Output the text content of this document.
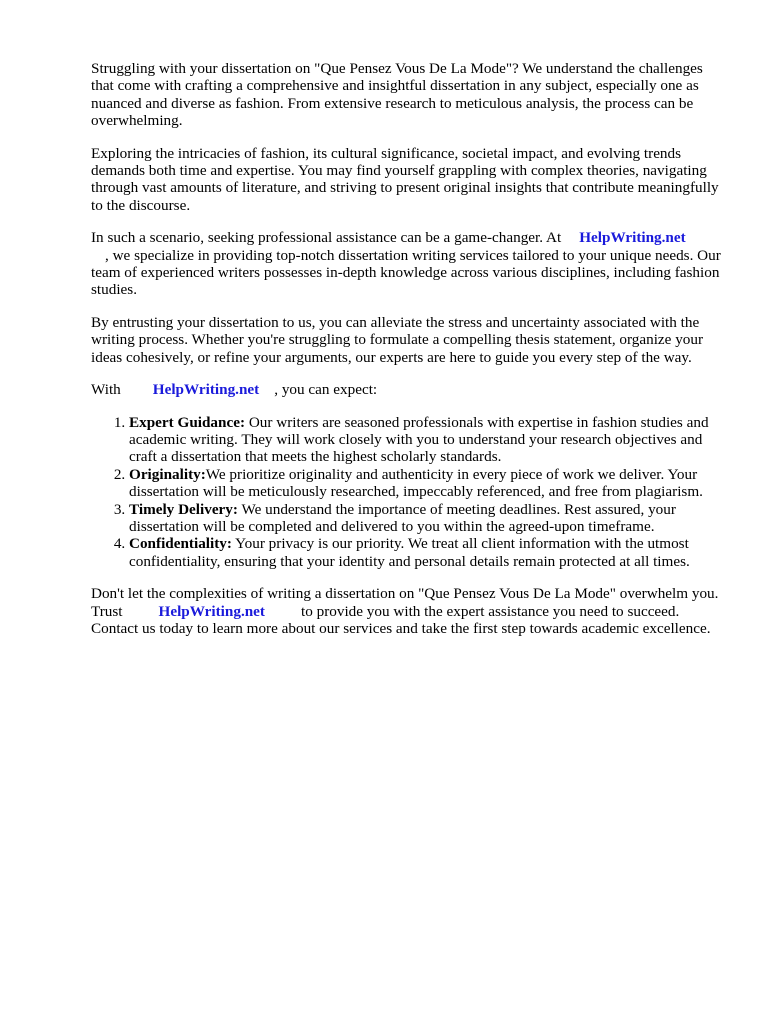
Struggling with your dissertation on "Que Pensez Vous De La Mode"? We understand the challenges that come with crafting a comprehensive and insightful dissertation in any subject, especially one as nuanced and diverse as fashion. From extensive research to meticulous analysis, the process can be overwhelming.

Exploring the intricacies of fashion, its cultural significance, societal impact, and evolving trends demands both time and expertise. You may find yourself grappling with complex theories, navigating through vast amounts of literature, and striving to present original insights that contribute meaningfully to the discourse.

In such a scenario, seeking professional assistance can be a game-changer. At HelpWriting.net
, we specialize in providing top-notch dissertation writing services tailored to your unique needs. Our team of experienced writers possesses in-depth knowledge across various disciplines, including fashion studies.

By entrusting your dissertation to us, you can alleviate the stress and uncertainty associated with the writing process. Whether you're struggling to formulate a compelling thesis statement, organize your ideas cohesively, or refine your arguments, our experts are here to guide you every step of the way.

With HelpWriting.net , you can expect:

1. Expert Guidance: Our writers are seasoned professionals with expertise in fashion studies and academic writing. They will work closely with you to understand your research objectives and craft a dissertation that meets the highest scholarly standards.
2. Originality:We prioritize originality and authenticity in every piece of work we deliver. Your dissertation will be meticulously researched, impeccably referenced, and free from plagiarism.
3. Timely Delivery: We understand the importance of meeting deadlines. Rest assured, your dissertation will be completed and delivered to you within the agreed-upon timeframe.
4. Confidentiality: Your privacy is our priority. We treat all client information with the utmost confidentiality, ensuring that your identity and personal details remain protected at all times.

Don't let the complexities of writing a dissertation on "Que Pensez Vous De La Mode" overwhelm you. Trust HelpWriting.net to provide you with the expert assistance you need to succeed. Contact us today to learn more about our services and take the first step towards academic excellence.
